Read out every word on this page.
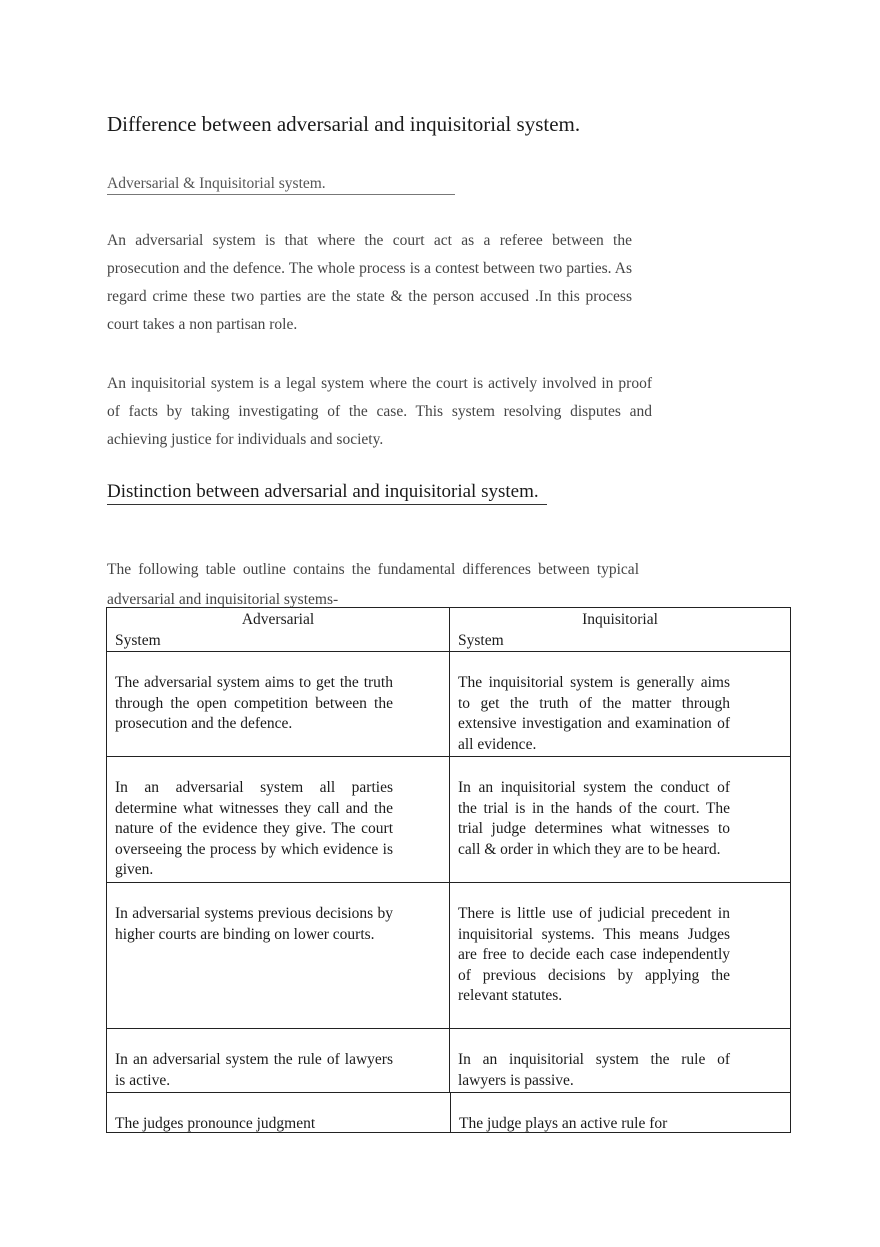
Difference between adversarial and inquisitorial system.
Adversarial & Inquisitorial system.

An adversarial system is that where the court act as a referee between the prosecution and the defence. The whole process is a contest between two parties. As regard crime these two parties are the state & the person accused .In this process court takes a non partisan role.

An inquisitorial system is a legal system where the court is actively involved in proof of facts by taking investigating of the case. This system resolving disputes and achieving justice for individuals and society.

Distinction between adversarial and inquisitorial system.

The following table outline contains the fundamental differences between typical adversarial and inquisitorial systems-

Adversarial
System
Inquisitorial
System
The adversarial system aims to get the truth through the open competition between the prosecution and the defence.
The inquisitorial system is generally aims to get the truth of the matter through extensive investigation and examination of all evidence.
In an adversarial system all parties determine what witnesses they call and the nature of the evidence they give. The court overseeing the process by which evidence is given.
In an inquisitorial system the conduct of the trial is in the hands of the court. The trial judge determines what witnesses to call & order in which they are to be heard.
In adversarial systems previous decisions by higher courts are binding on lower courts.
There is little use of judicial precedent in inquisitorial systems. This means Judges are free to decide each case independently of previous decisions by applying the relevant statutes.
In an adversarial system the rule of lawyers is active.
In an inquisitorial system the rule of lawyers is passive.
The judges pronounce judgment	The judge plays an active rule for
